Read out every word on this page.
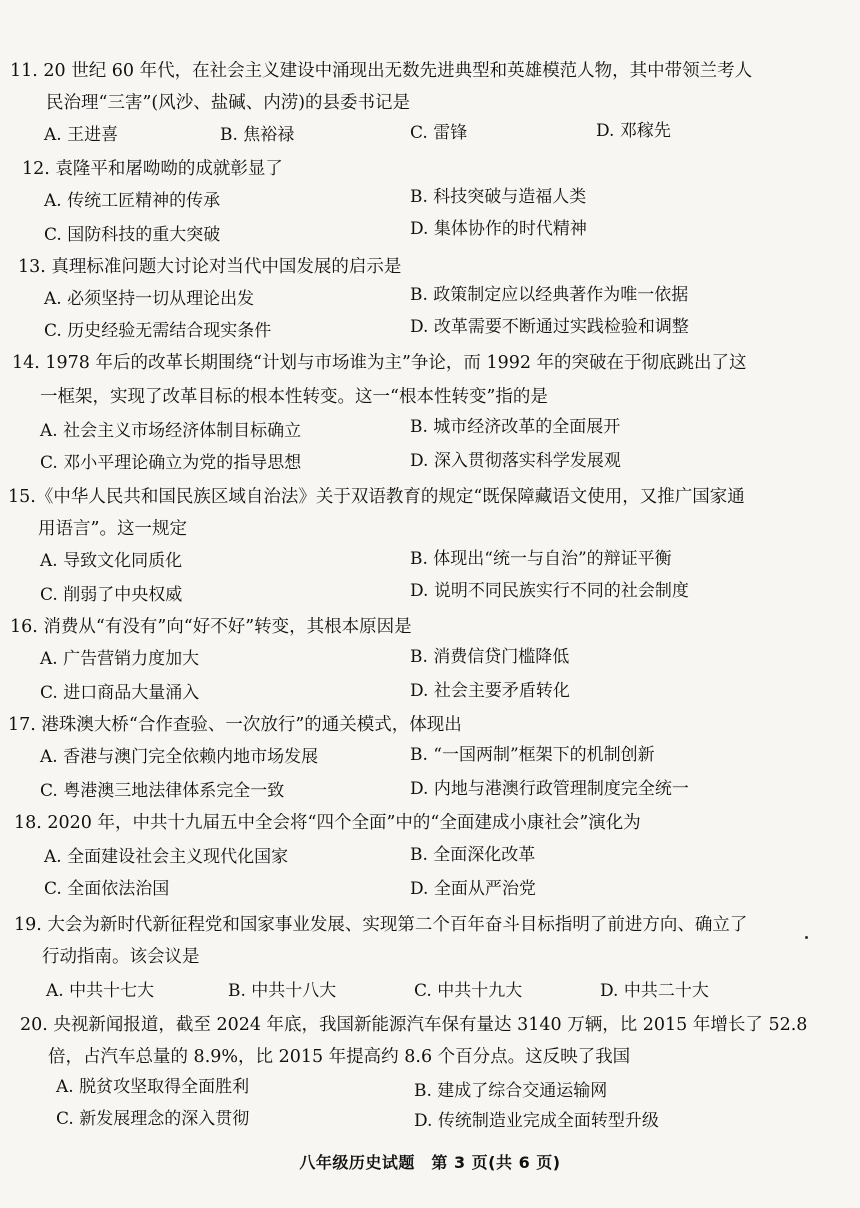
11. 20 世纪 60 年代，在社会主义建设中涌现出无数先进典型和英雄模范人物，其中带领兰考人
民治理“三害”(风沙、盐碱、内涝)的县委书记是
A. 王进喜	B. 焦裕禄	C. 雷锋	D. 邓稼先
12. 袁隆平和屠呦呦的成就彰显了
A. 传统工匠精神的传承	B. 科技突破与造福人类
C. 国防科技的重大突破	D. 集体协作的时代精神
13. 真理标准问题大讨论对当代中国发展的启示是
A. 必须坚持一切从理论出发	B. 政策制定应以经典著作为唯一依据
C. 历史经验无需结合现实条件	D. 改革需要不断通过实践检验和调整
14. 1978 年后的改革长期围绕“计划与市场谁为主”争论，而 1992 年的突破在于彻底跳出了这
一框架，实现了改革目标的根本性转变。这一“根本性转变”指的是
A. 社会主义市场经济体制目标确立	B. 城市经济改革的全面展开
C. 邓小平理论确立为党的指导思想	D. 深入贯彻落实科学发展观
15.《中华人民共和国民族区域自治法》关于双语教育的规定“既保障藏语文使用，又推广国家通
用语言”。这一规定
A. 导致文化同质化	B. 体现出“统一与自治”的辩证平衡
C. 削弱了中央权威	D. 说明不同民族实行不同的社会制度
16. 消费从“有没有”向“好不好”转变，其根本原因是
A. 广告营销力度加大	B. 消费信贷门槛降低
C. 进口商品大量涌入	D. 社会主要矛盾转化
17. 港珠澳大桥“合作查验、一次放行”的通关模式，体现出
A. 香港与澳门完全依赖内地市场发展	B. “一国两制”框架下的机制创新
C. 粤港澳三地法律体系完全一致	D. 内地与港澳行政管理制度完全统一
18. 2020 年，中共十九届五中全会将“四个全面”中的“全面建成小康社会”演化为
A. 全面建设社会主义现代化国家	B. 全面深化改革
C. 全面依法治国	D. 全面从严治党
19. 大会为新时代新征程党和国家事业发展、实现第二个百年奋斗目标指明了前进方向、确立了
行动指南。该会议是
A. 中共十七大	B. 中共十八大	C. 中共十九大	D. 中共二十大
20. 央视新闻报道，截至 2024 年底，我国新能源汽车保有量达 3140 万辆，比 2015 年增长了 52.8
倍，占汽车总量的 8.9%，比 2015 年提高约 8.6 个百分点。这反映了我国
A. 脱贫攻坚取得全面胜利	B. 建成了综合交通运输网
C. 新发展理念的深入贯彻	D. 传统制造业完成全面转型升级
八年级历史试题　第 3 页(共 6 页)
